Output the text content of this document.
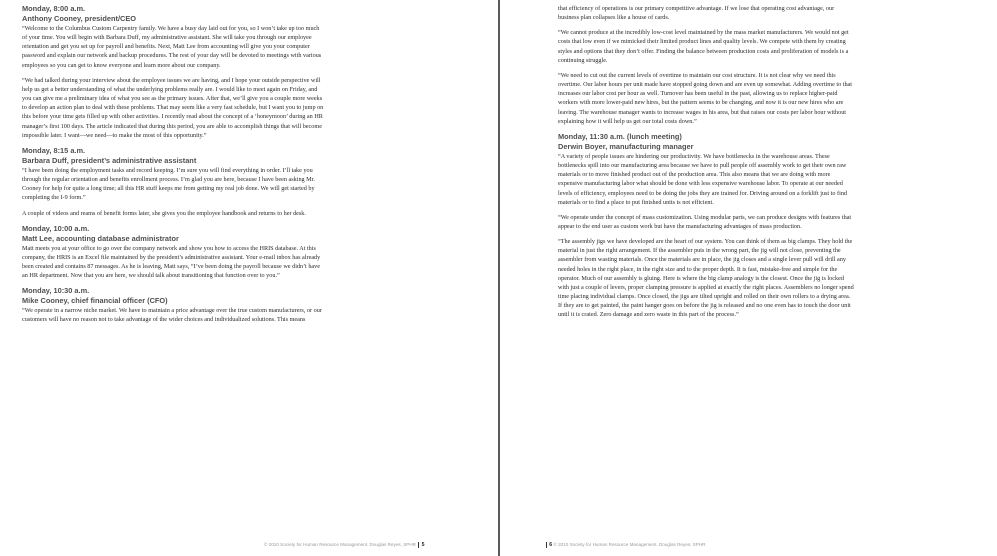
Monday, 8:00 a.m.
Anthony Cooney, president/CEO

“Welcome to the Columbus Custom Carpentry family. We have a busy day laid out for you, so I won’t take up too much of your time. You will begin with Barbara Duff, my administrative assistant. She will take you through our employee orientation and get you set up for payroll and benefits. Next, Matt Lee from accounting will give you your computer password and explain our network and backup procedures. The rest of your day will be devoted to meetings with various employees so you can get to know everyone and learn more about our company.

“We had talked during your interview about the employee issues we are having, and I hope your outside perspective will help us get a better understanding of what the underlying problems really are. I would like to meet again on Friday, and you can give me a preliminary idea of what you see as the primary issues. After that, we’ll give you a couple more weeks to develop an action plan to deal with these problems. That may seem like a very fast schedule, but I want you to jump on this before your time gets filled up with other activities. I recently read about the concept of a ‘honeymoon’ during an HR manager’s first 100 days. The article indicated that during this period, you are able to accomplish things that will become impossible later. I want—we need—to make the most of this opportunity.”

Monday, 8:15 a.m.
Barbara Duff, president’s administrative assistant

“I have been doing the employment tasks and record keeping. I’m sure you will find everything in order. I’ll take you through the regular orientation and benefits enrollment process. I’m glad you are here, because I have been asking Mr. Cooney for help for quite a long time; all this HR stuff keeps me from getting my real job done. We will get started by completing the I-9 form.”

A couple of videos and reams of benefit forms later, she gives you the employee handbook and returns to her desk.

Monday, 10:00 a.m.
Matt Lee, accounting database administrator

Matt meets you at your office to go over the company network and show you how to access the HRIS database. At this company, the HRIS is an Excel file maintained by the president’s administrative assistant. Your e-mail inbox has already been created and contains 87 messages. As he is leaving, Matt says, “I’ve been doing the payroll because we didn’t have an HR department. Now that you are here, we should talk about transitioning that function over to you.”

Monday, 10:30 a.m.
Mike Cooney, chief financial officer (CFO)

“We operate in a narrow niche market. We have to maintain a price advantage over the true custom manufacturers, or our customers will have no reason not to take advantage of the wider choices and individualized solutions. This means

© 2010 Society for Human Resource Management. Douglas Reyes, SPHR 5

that efficiency of operations is our primary competitive advantage. If we lose that operating cost advantage, our business plan collapses like a house of cards.

“We cannot produce at the incredibly low-cost level maintained by the mass market manufacturers. We would not get costs that low even if we mimicked their limited product lines and quality levels. We compete with them by creating styles and options that they don’t offer. Finding the balance between production costs and proliferation of models is a continuing struggle.

“We need to cut out the current levels of overtime to maintain our cost structure. It is not clear why we need this overtime. Our labor hours per unit made have stopped going down and are even up somewhat. Adding overtime to that increases our labor cost per hour as well. Turnover has been useful in the past, allowing us to replace higher-paid workers with more lower-paid new hires, but the pattern seems to be changing, and now it is our new hires who are leaving. The warehouse manager wants to increase wages in his area, but that raises our costs per labor hour without explaining how it will help us get our total costs down.”

Monday, 11:30 a.m. (lunch meeting)
Derwin Boyer, manufacturing manager

“A variety of people issues are hindering our productivity. We have bottlenecks in the warehouse areas. These bottlenecks spill into our manufacturing area because we have to pull people off assembly work to get their own raw materials or to move finished product out of the production area. This also means that we are doing with more expensive manufacturing labor what should be done with less expensive warehouse labor. To operate at our needed levels of efficiency, employees need to be doing the jobs they are trained for. Driving around on a forklift just to find materials or to find a place to put finished units is not efficient.

“We operate under the concept of mass customization. Using modular parts, we can produce designs with features that appear to the end user as custom work but have the manufacturing advantages of mass production.

“The assembly jigs we have developed are the heart of our system. You can think of them as big clamps. They hold the material in just the right arrangement. If the assembler puts in the wrong part, the jig will not close, preventing the assembler from wasting materials. Once the materials are in place, the jig closes and a single lever pull will drill any needed holes in the right place, in the right size and to the proper depth. It is fast, mistake-free and simple for the operator. Much of our assembly is gluing. Here is where the big clamp analogy is the closest. Once the jig is locked with just a couple of levers, proper clamping pressure is applied at exactly the right places. Assemblers no longer spend time placing individual clamps. Once closed, the jigs are tilted upright and rolled on their own rollers to a drying area. If they are to get painted, the paint hanger goes on before the jig is released and no one even has to touch the door unit until it is crated. Zero damage and zero waste in this part of the process.”

6 © 2010 Society for Human Resource Management. Douglas Reyes, SPHR
